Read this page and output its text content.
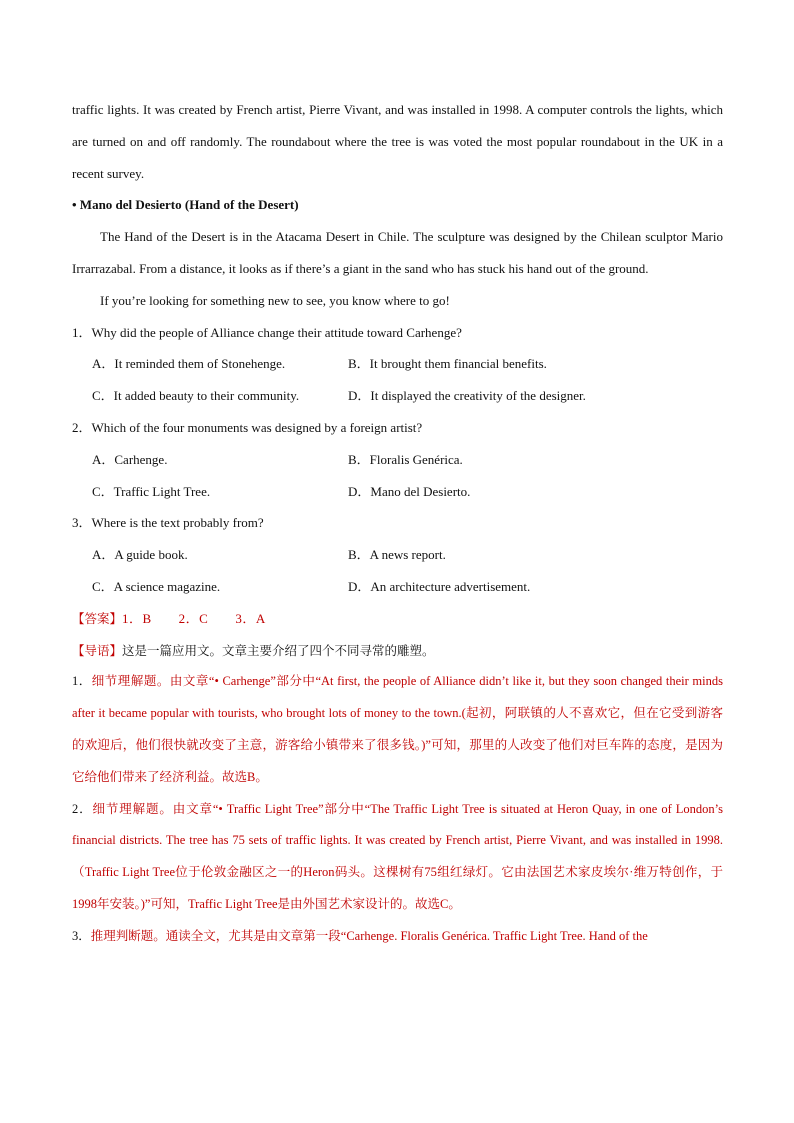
traffic lights. It was created by French artist, Pierre Vivant, and was installed in 1998. A computer controls the lights, which are turned on and off randomly. The roundabout where the tree is was voted the most popular roundabout in the UK in a recent survey.

• Mano del Desierto (Hand of the Desert)

The Hand of the Desert is in the Atacama Desert in Chile. The sculpture was designed by the Chilean sculptor Mario Irrarrazabal. From a distance, it looks as if there’s a giant in the sand who has stuck his hand out of the ground.

If you’re looking for something new to see, you know where to go!

1．Why did the people of Alliance change their attitude toward Carhenge?

A．It reminded them of Stonehenge.	B．It brought them financial benefits.
C．It added beauty to their community.	D．It displayed the creativity of the designer.

2．Which of the four monuments was designed by a foreign artist?

A．Carhenge.	B．Floralis Genérica.
C．Traffic Light Tree.	D．Mano del Desierto.

3．Where is the text probably from?

A．A guide book.	B．A news report.
C．A science magazine.	D．An architecture advertisement.

【答案】1．B　　2．C　　3．A

【导语】这是一篇应用文。文章主要介绍了四个不同寻常的雕塑。

1．细节理解题。由文章“• Carhenge”部分中“At first, the people of Alliance didn’t like it, but they soon changed their minds after it became popular with tourists, who brought lots of money to the town.(起初，阿联镇的人不喜欢它，但在它受到游客的欢迎后，他们很快就改变了主意，游客给小镇带来了很多钱。)”可知，那里的人改变了他们对巨车阵的态度，是因为它给他们带来了经济利益。故选B。

2．细节理解题。由文章“• Traffic Light Tree”部分中“The Traffic Light Tree is situated at Heron Quay, in one of London’s financial districts. The tree has 75 sets of traffic lights. It was created by French artist, Pierre Vivant, and was installed in 1998.（Traffic Light Tree位于伦敦金融区之一的Heron码头。这棵树有75组红绿灯。它由法国艺术家皮埃尔·维万特创作，于1998年安装。)”可知，Traffic Light Tree是由外国艺术家设计的。故选C。

3．推理判断题。通读全文，尤其是由文章第一段“Carhenge. Floralis Genérica. Traffic Light Tree. Hand of the
